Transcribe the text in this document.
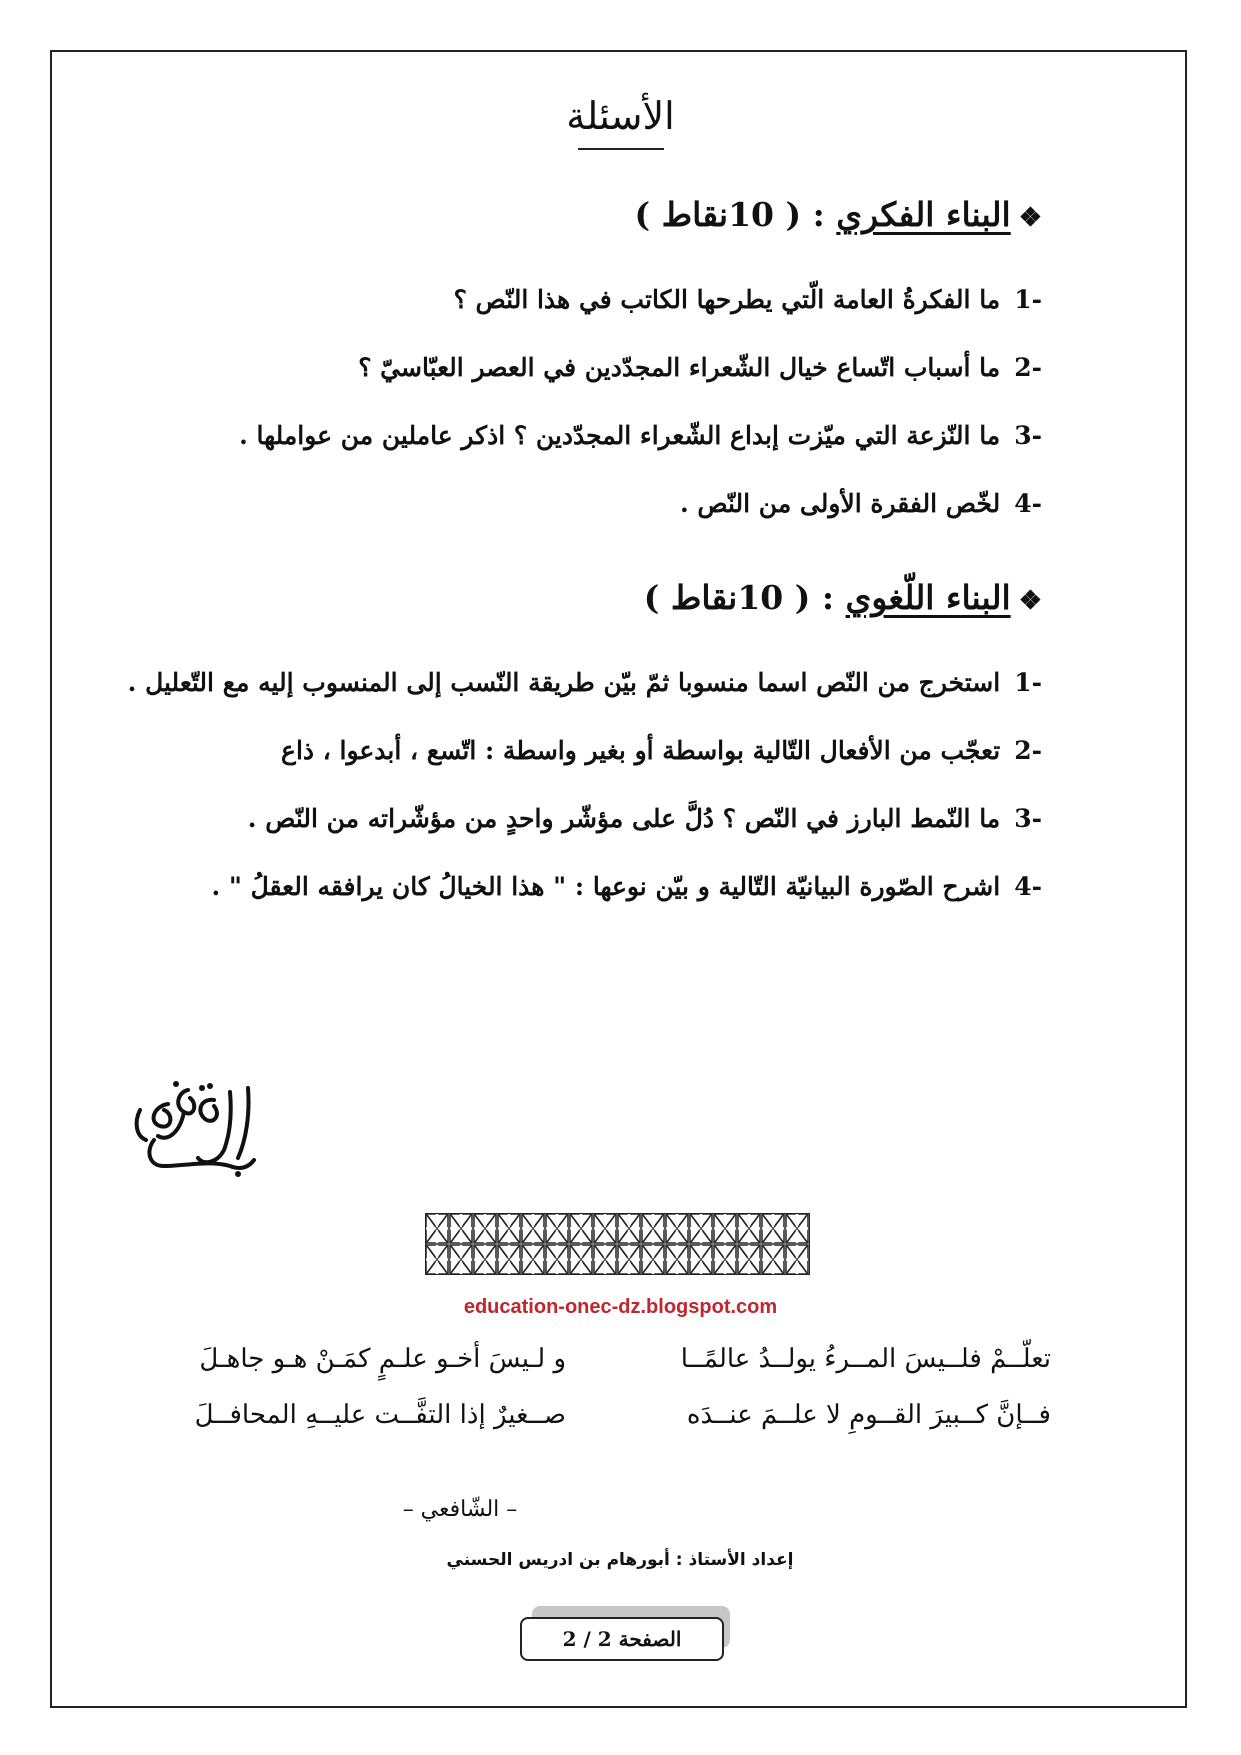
الأسئلة
❖البناء الفكري : ( 10نقاط )
-1ما الفكرةُ العامة الّتي يطرحها الكاتب في هذا النّص ؟
-2ما أسباب اتّساع خيال الشّعراء المجدّدين في العصر العبّاسيّ ؟
-3ما النّزعة التي ميّزت إبداع الشّعراء المجدّدين ؟ اذكر عاملين من عواملها .
-4لخّص الفقرة الأولى من النّص .
❖البناء اللّغوي : ( 10نقاط )
-1استخرج من النّص اسما منسوبا ثمّ بيّن طريقة النّسب إلى المنسوب إليه مع التّعليل .
-2تعجّب من الأفعال التّالية بواسطة أو بغير واسطة : اتّسع ، أبدعوا ، ذاع
-3ما النّمط البارز في النّص ؟ دُلَّ على مؤشّر واحدٍ من مؤشّراته من النّص .
-4اشرح الصّورة البيانيّة التّالية و بيّن نوعها : " هذا الخيالُ كان يرافقه العقلُ " .
education-onec-dz.blogspot.com
تعلّــمْ فلــيسَ المــرءُ يولــدُ عالمًــا
و لـيسَ أخـو علـمٍ كمَـنْ هـو جاهـلَ
فــإنَّ كــبيرَ القــومِ لا علــمَ عنــدَه
صــغيرٌ إذا التفَّــت عليــهِ المحافــلَ
– الشّافعي –
إعداد الأستاذ : أبورهام بن ادريس الحسني
الصفحة 2 / 2
